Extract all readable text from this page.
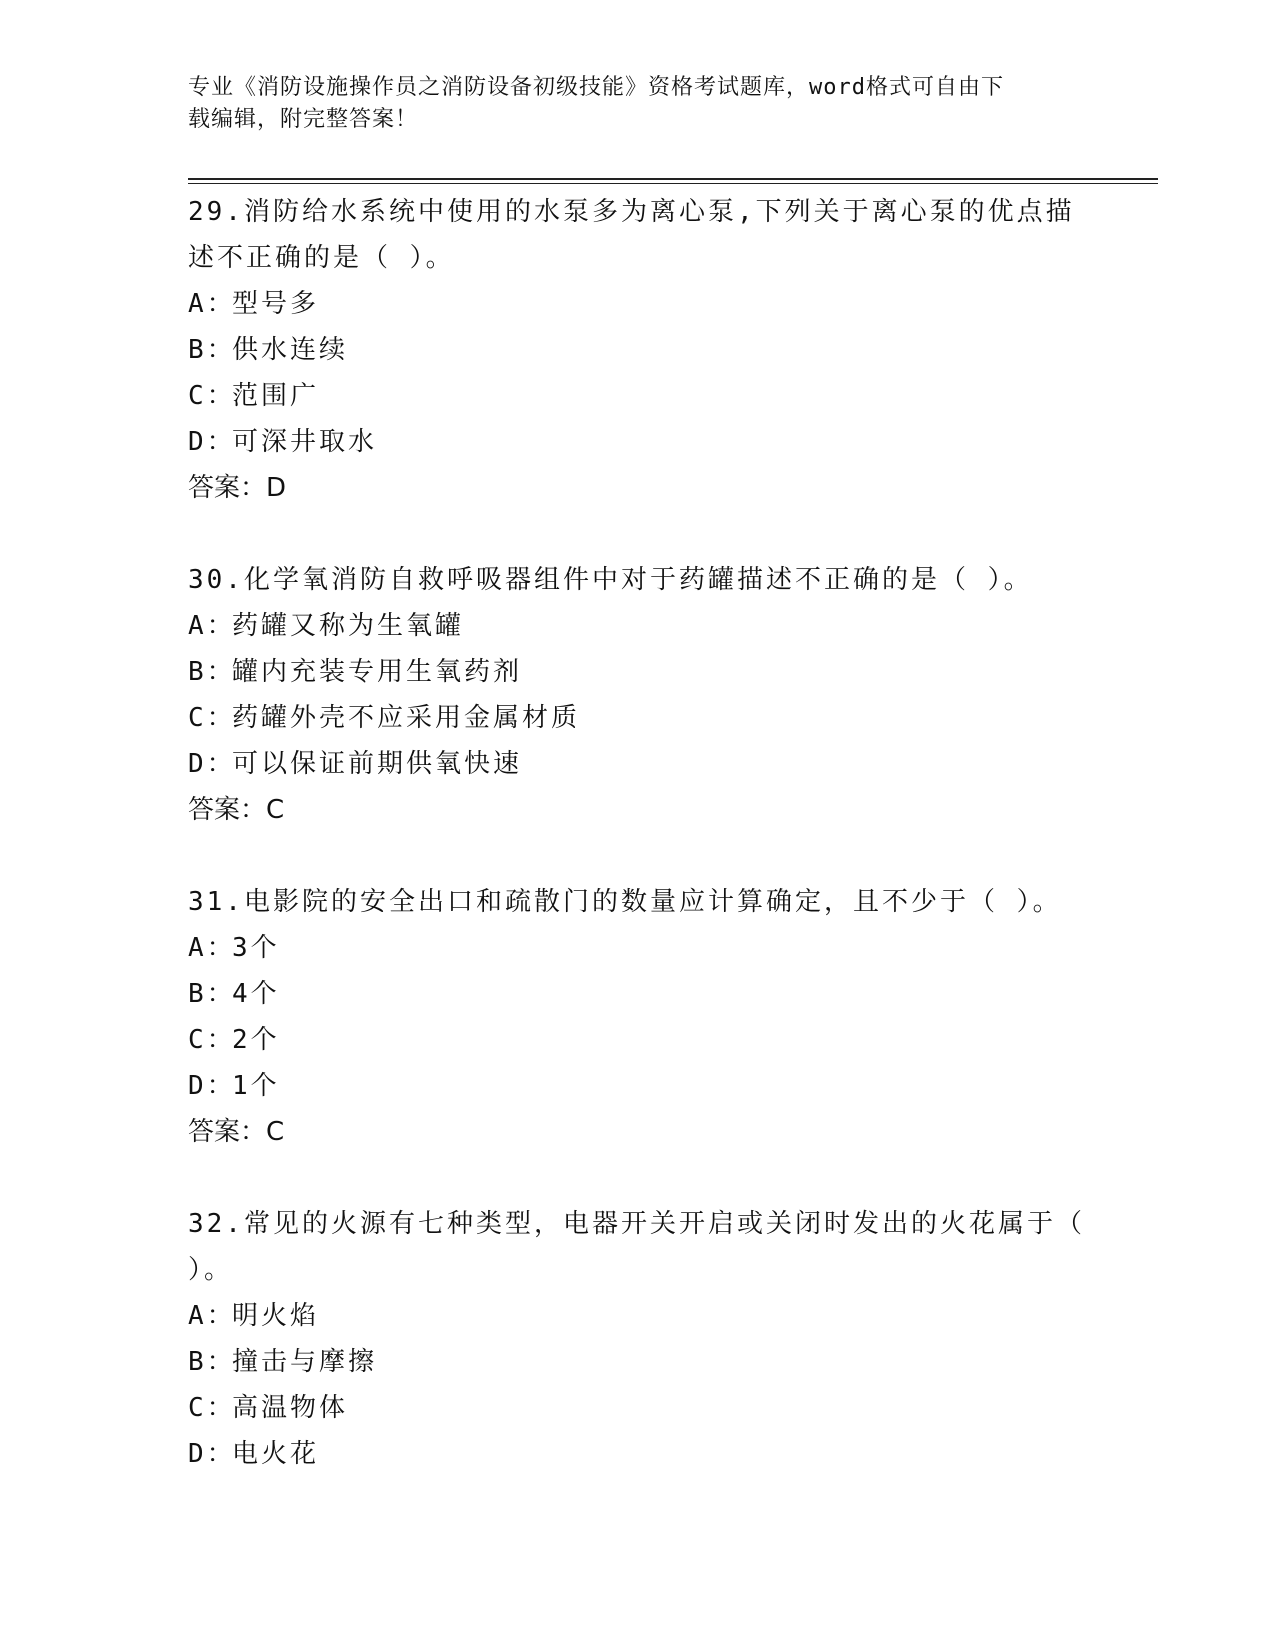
专业《消防设施操作员之消防设备初级技能》资格考试题库，word格式可自由下
载编辑，附完整答案！
29.消防给水系统中使用的水泵多为离心泵,下列关于离心泵的优点描
述不正确的是（ ）。
A：型号多
B：供水连续
C：范围广
D：可深井取水
答案：D
30.化学氧消防自救呼吸器组件中对于药罐描述不正确的是（ ）。
A：药罐又称为生氧罐
B：罐内充装专用生氧药剂
C：药罐外壳不应采用金属材质
D：可以保证前期供氧快速
答案：C
31.电影院的安全出口和疏散门的数量应计算确定，且不少于（ ）。
A：3个
B：4个
C：2个
D：1个
答案：C
32.常见的火源有七种类型，电器开关开启或关闭时发出的火花属于（
）。
A：明火焰
B：撞击与摩擦
C：高温物体
D：电火花
